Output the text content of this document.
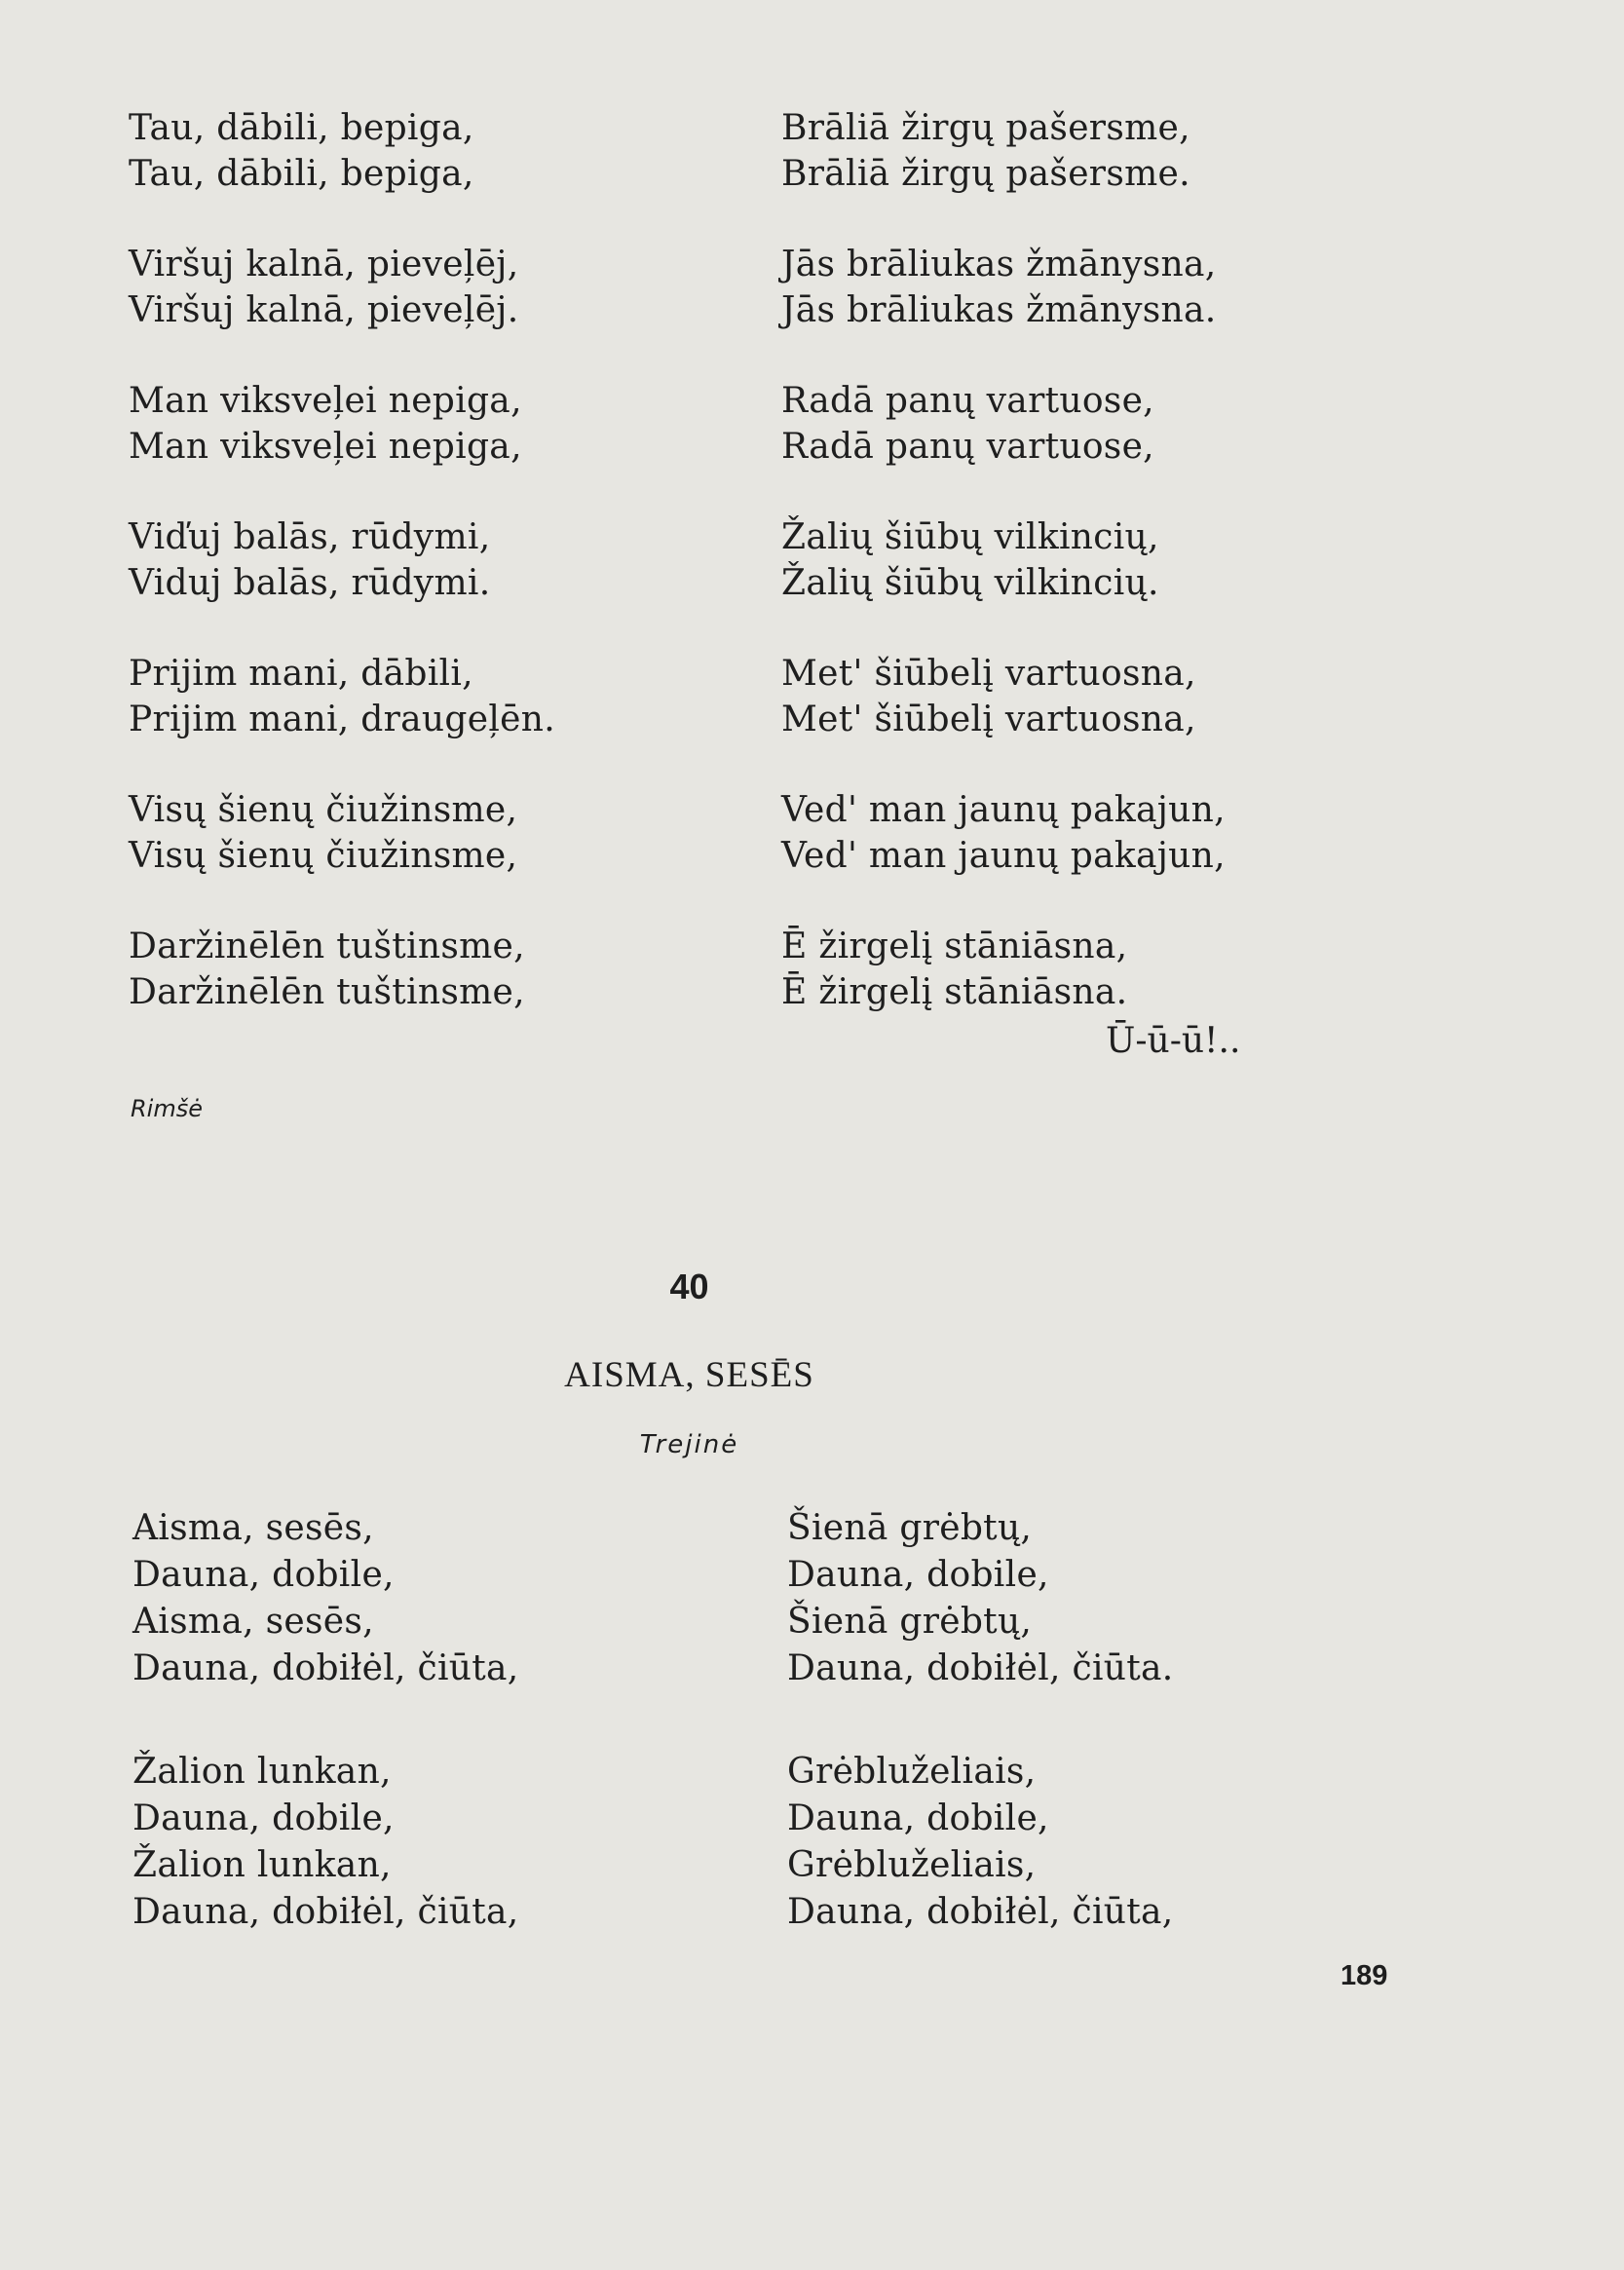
Tau, dābili, bepiga,
Tau, dābili, bepiga,
Viršuj kalnā, pieveļēj,
Viršuj kalnā, pieveļēj.
Man viksveļei nepiga,
Man viksveļei nepiga,
Viďuj balās, rūdymi,
Viduj balās, rūdymi.
Prijim mani, dābili,
Prijim mani, draugeļēn.
Visų šienų čiužinsme,
Visų šienų čiužinsme,
Daržinēlēn tuštinsme,
Daržinēlēn tuštinsme,
Brāliā žirgų pašersme,
Brāliā žirgų pašersme.
Jās brāliukas žmānysna,
Jās brāliukas žmānysna.
Radā panų vartuose,
Radā panų vartuose,
Žalių šiūbų vilkincių,
Žalių šiūbų vilkincių.
Met' šiūbelį vartuosna,
Met' šiūbelį vartuosna,
Ved' man jaunų pakajun,
Ved' man jaunų pakajun,
Ē žirgelį stāniāsna,
Ē žirgelį stāniāsna.
Ū-ū-ū!..
Rimšė
40
AISMA, SESĒS
Trejinė
Aisma, sesēs,
Dauna, dobile,
Aisma, sesēs,
Dauna, dobiłėl, čiūta,
Žalion lunkan,
Dauna, dobile,
Žalion lunkan,
Dauna, dobiłėl, čiūta,
Šienā grėbtų,
Dauna, dobile,
Šienā grėbtų,
Dauna, dobiłėl, čiūta.
Grėbluželiais,
Dauna, dobile,
Grėbluželiais,
Dauna, dobiłėl, čiūta,
189
